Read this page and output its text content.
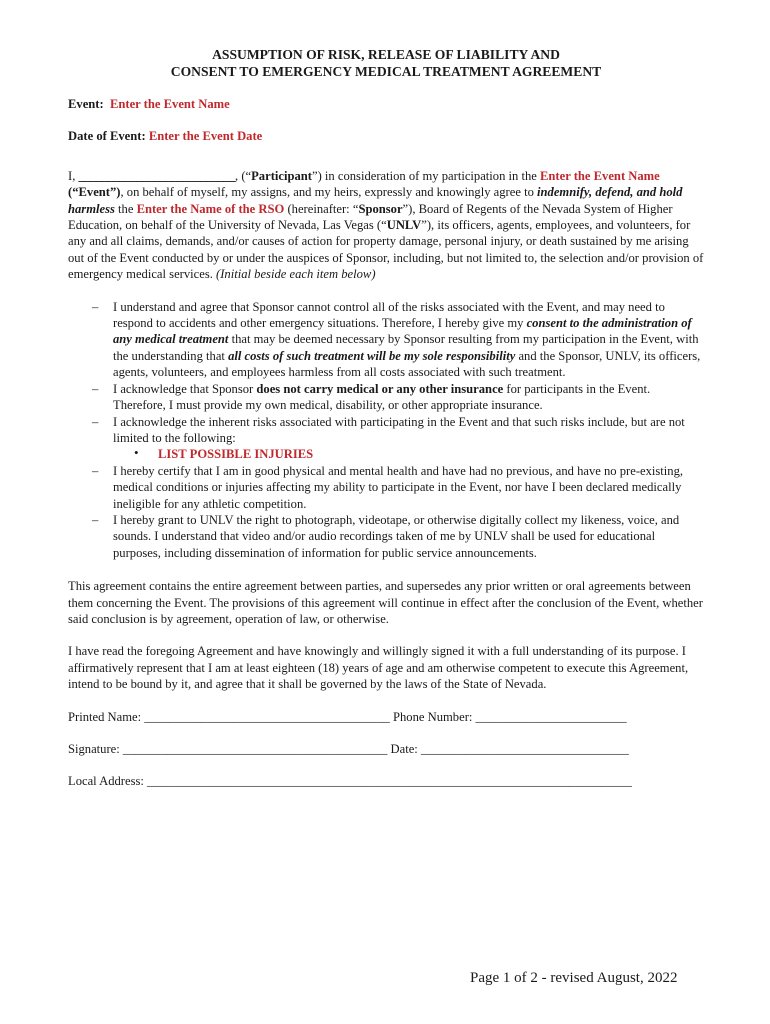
ASSUMPTION OF RISK, RELEASE OF LIABILITY AND

CONSENT TO EMERGENCY MEDICAL TREATMENT AGREEMENT

Event: Enter the Event Name

Date of Event: Enter the Event Date

I, ___________________________, (“Participant”) in consideration of my participation in the Enter the Event Name (“Event”), on behalf of myself, my assigns, and my heirs, expressly and knowingly agree to indemnify, defend, and hold harmless the Enter the Name of the RSO (hereinafter: “Sponsor”), Board of Regents of the Nevada System of Higher Education, on behalf of the University of Nevada, Las Vegas (“UNLV”), its officers, agents, employees, and volunteers, for any and all claims, demands, and/or causes of action for property damage, personal injury, or death sustained by me arising out of the Event conducted by or under the auspices of Sponsor, including, but not limited to, the selection and/or provision of emergency medical services. (Initial beside each item below)

– I understand and agree that Sponsor cannot control all of the risks associated with the Event, and may need to respond to accidents and other emergency situations. Therefore, I hereby give my consent to the administration of any medical treatment that may be deemed necessary by Sponsor resulting from my participation in the Event, with the understanding that all costs of such treatment will be my sole responsibility and the Sponsor, UNLV, its officers, agents, volunteers, and employees harmless from all costs associated with such treatment.
– I acknowledge that Sponsor does not carry medical or any other insurance for participants in the Event. Therefore, I must provide my own medical, disability, or other appropriate insurance.
– I acknowledge the inherent risks associated with participating in the Event and that such risks include, but are not limited to the following:
• LIST POSSIBLE INJURIES
– I hereby certify that I am in good physical and mental health and have had no previous, and have no pre-existing, medical conditions or injuries affecting my ability to participate in the Event, nor have I been declared medically ineligible for any athletic competition.
– I hereby grant to UNLV the right to photograph, videotape, or otherwise digitally collect my likeness, voice, and sounds. I understand that video and/or audio recordings taken of me by UNLV shall be used for educational purposes, including dissemination of information for public service announcements.

This agreement contains the entire agreement between parties, and supersedes any prior written or oral agreements between them concerning the Event. The provisions of this agreement will continue in effect after the conclusion of the Event, whether said conclusion is by agreement, operation of law, or otherwise.

I have read the foregoing Agreement and have knowingly and willingly signed it with a full understanding of its purpose. I affirmatively represent that I am at least eighteen (18) years of age and am otherwise competent to execute this Agreement, intend to be bound by it, and agree that it shall be governed by the laws of the State of Nevada.

Printed Name: _______________________________________ Phone Number: ________________________

Signature: __________________________________________ Date: _________________________________

Local Address: _____________________________________________________________________________

Page 1 of 2 - revised August, 2022
